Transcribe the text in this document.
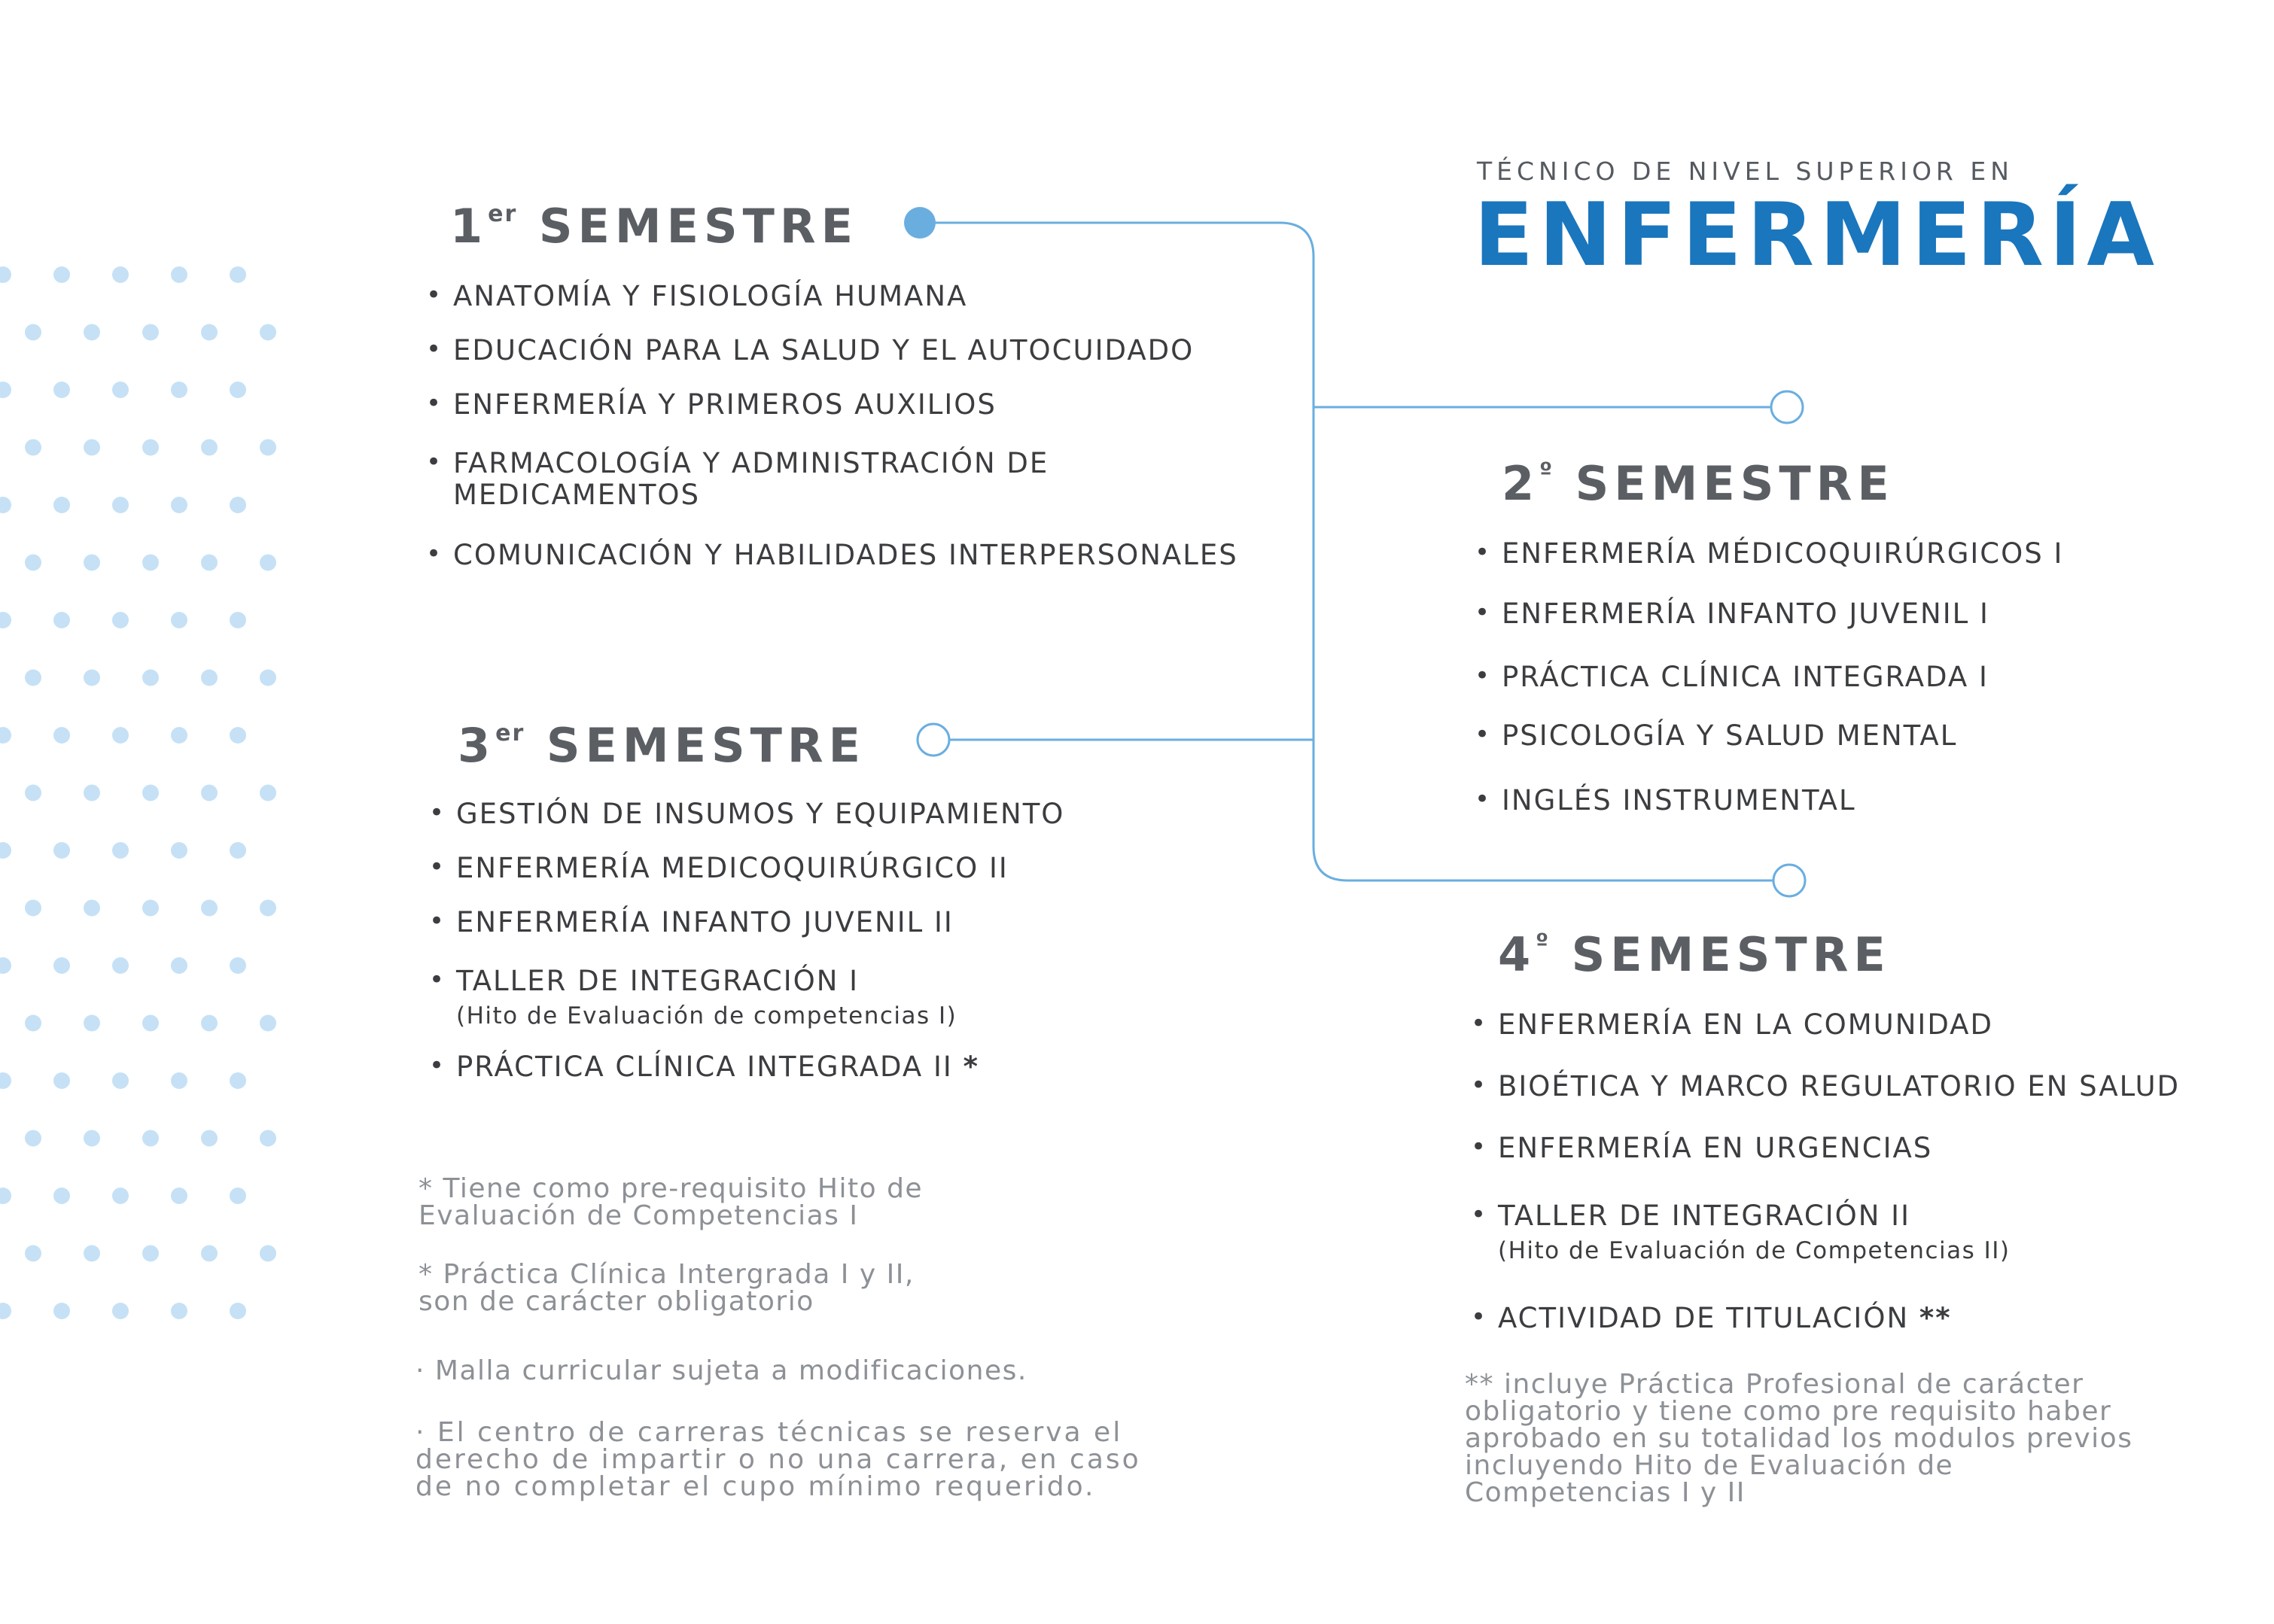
TÉCNICO DE NIVEL SUPERIOR EN
ENFERMERÍA
1er SEMESTRE
• ANATOMÍA Y FISIOLOGÍA HUMANA
• EDUCACIÓN PARA LA SALUD Y EL AUTOCUIDADO
• ENFERMERÍA Y PRIMEROS AUXILIOS
• FARMACOLOGÍA Y ADMINISTRACIÓN DE
MEDICAMENTOS
• COMUNICACIÓN Y HABILIDADES INTERPERSONALES
$2^º$ SEMESTRE
• ENFERMERÍA MÉDICOQUIRÚRGICOS I
• ENFERMERÍA INFANTO JUVENIL I
• PRÁCTICA CLÍNICA INTEGRADA I
• PSICOLOGÍA Y SALUD MENTAL
• INGLÉS INSTRUMENTAL
3er SEMESTRE
• GESTIÓN DE INSUMOS Y EQUIPAMIENTO
• ENFERMERÍA MEDICOQUIRÚRGICO II
• ENFERMERÍA INFANTO JUVENIL II
• TALLER DE INTEGRACIÓN I
(Hito de Evaluación de competencias I)
• PRÁCTICA CLÍNICA INTEGRADA II *
$4^º$ SEMESTRE
• ENFERMERÍA EN LA COMUNIDAD
• BIOÉTICA Y MARCO REGULATORIO EN SALUD
• ENFERMERÍA EN URGENCIAS
• TALLER DE INTEGRACIÓN II
(Hito de Evaluación de Competencias II)
• ACTIVIDAD DE TITULACIÓN **
* Tiene como pre-requisito Hito de
Evaluación de Competencias I
* Práctica Clínica Intergrada I y II,
son de carácter obligatorio
· Malla curricular sujeta a modificaciones.
· El centro de carreras técnicas se reserva el
derecho de impartir o no una carrera, en caso
de no completar el cupo mínimo requerido.
** incluye Práctica Profesional de carácter
obligatorio y tiene como pre requisito haber
aprobado en su totalidad los modulos previos
incluyendo Hito de Evaluación de
Competencias I y II
